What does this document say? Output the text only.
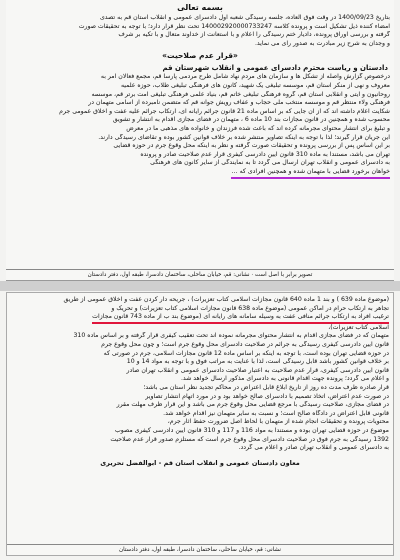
بسمه تعالی
بتاریخ 1400/09/23 در وقت فوق العاده، جلسه رسیدگی شعبه اول دادسرای عمومی و انقلاب استان قم به تصدی
امضاء کننده ذیل تشکیل است و پرونده کلاسه 140002920000733247 تحت نظر قرار دارد؛ با توجه به تحقیقات صورت
گرفته و بررسی اوراق پرونده، دادیار ختم رسیدگی را اعلام و با استعانت از خداوند متعال و با تکیه بر شرف
و وجدان به شرح زیر مبادرت به صدور رای می نماید.
«قرار عدم صلاحیت»
دادستان و ریاست محترم دادسرای عمومی و انقلاب شهرستان قم
درخصوص گزارش واصله از تشکل ها و سازمان های مردم نهاد شامل طرح مردمی پارسا قم، مجمع فعالان امر به
معروف و نهی از منکر استان قم، موسسه تبلیغی یک شهید، کانون های فرهنگی تبلیغی طلاب، حوزه علمیه
روحانیون و آیتی و انقلابی استان قم، گروه فرهنگی تبلیغی خاتم قم، بنیاد علمی فرهنگی تبلیغی امت برتر قم، موسسه
فرهنگی ولاء منتظر قم و موسسه منتخب ملی حجاب و عفاف رویش جوانه قم که متضمن نامبرده از اسامی متهمان در
شکایت اعلام داشته اند که از آن جایی که بر اساس ماده 21 قانون جرائم رایانه ای، ارتکاب جرائم علیه عفت و اخلاق عمومی جرم
محسوب شده و همچنین در قانون مجازات بند 10 ماده 6 ، متهمان در فضای مجازی اقدام به انتشار و تشویق
و تبلیغ برای انتشار محتوای مجرمانه کرده اند که باعث شده فرزندان و خانواده های مذهبی ما در معرض
این جریان قرار گیرند؛ لذا با توجه به اینکه تصاویر منتشر شده بر خلاف قوانین کشور بوده و تقاضای رسیدگی دارند.
بر این اساس پس از بررسی پرونده و تحقیقات صورت گرفته و نظر به اینکه محل وقوع جرم در حوزه قضایی
تهران می باشد، مستنداً به ماده 310 قانون آیین دادرسی کیفری قرار عدم صلاحیت صادر و پرونده
به دادسرای عمومی و انقلاب تهران ارسال می گردد تا به نمایندگی از سایر کانون های فرهنگی
خواهان برخورد قضایی با متهمان شده و همچنین افرادی که …
تصویر برابر با اصل است · نشانی: قم، خیابان ساحلی، ساختمان دادسرا، طبقه اول، دفتر دادستان
(موضوع ماده 639 ) و بند 1 ماده 640 قانون مجازات اسلامی کتاب تعزیرات) ، جریحه دار کردن عفت و اخلاق عمومی از طریق
تجاهر به ارتکاب حرام در اماکن عمومی (موضوع ماده 638 قانون مجازات اسلامی کتاب تعزیرات) و تحریک و
ترغیب افراد به ارتکاب جرائم منافی عفت به وسیله سامانه های رایانه ای (موضوع بند ب از ماده 743 قانون مجازات
اسلامی کتاب تعزیرات)،
متهمان که در فضای مجازی اقدام به انتشار محتوای مجرمانه نموده اند تحت تعقیب کیفری قرار گرفته و بر اساس ماده 310
قانون آیین دادرسی کیفری رسیدگی به جرائم در صلاحیت دادسرای محل وقوع جرم است؛ و چون محل وقوع جرم
در حوزه قضایی تهران بوده است، با توجه به اینکه بر اساس ماده 12 قانون مجازات اسلامی، جرم در صورتی که
بر خلاف قوانین کشور باشد قابل رسیدگی است، لذا با عنایت به مراتب فوق و با توجه به مواد 14 و 10
قانون آیین دادرسی کیفری، قرار عدم صلاحیت به اعتبار صلاحیت دادسرای عمومی و انقلاب تهران صادر
و اعلام می گردد؛ پرونده جهت اقدام قانونی به دادسرای مذکور ارسال خواهد شد.
قرار صادره ظرف مدت ده روز از تاریخ ابلاغ قابل اعتراض در محاکم تجدید نظر استان می باشد؛
در صورت عدم اعتراض، اتخاذ تصمیم با دادسرای صالح خواهد بود و در مورد اتهام انتشار تصاویر
در فضای مجازی، صلاحیت رسیدگی با مرجع قضایی محل وقوع جرم می باشد و این قرار ظرف مهلت مقرر
قانونی قابل اعتراض در دادگاه صالح است؛ و نسبت به سایر متهمان نیز اقدام خواهد شد.
محتویات پرونده و تحقیقات انجام شده از متهمان با لحاظ اصل ضرورت حفظ آثار جرم،
موضوع در حوزه قضایی تهران بوده و مستنداً به مواد 116 و 117 و 310 قانون آیین دادرسی کیفری مصوب
1392 رسیدگی به جرم فوق در صلاحیت دادسرای محل وقوع جرم است که مستلزم صدور قرار عدم صلاحیت
به دادسرای عمومی و انقلاب تهران صادر و اعلام می گردد.
معاون دادستان عمومی و انقلاب استان قم - ابوالفضل تحریری
نشانی: قم، خیابان ساحلی، ساختمان دادسرا، طبقه اول، دفتر دادستان
